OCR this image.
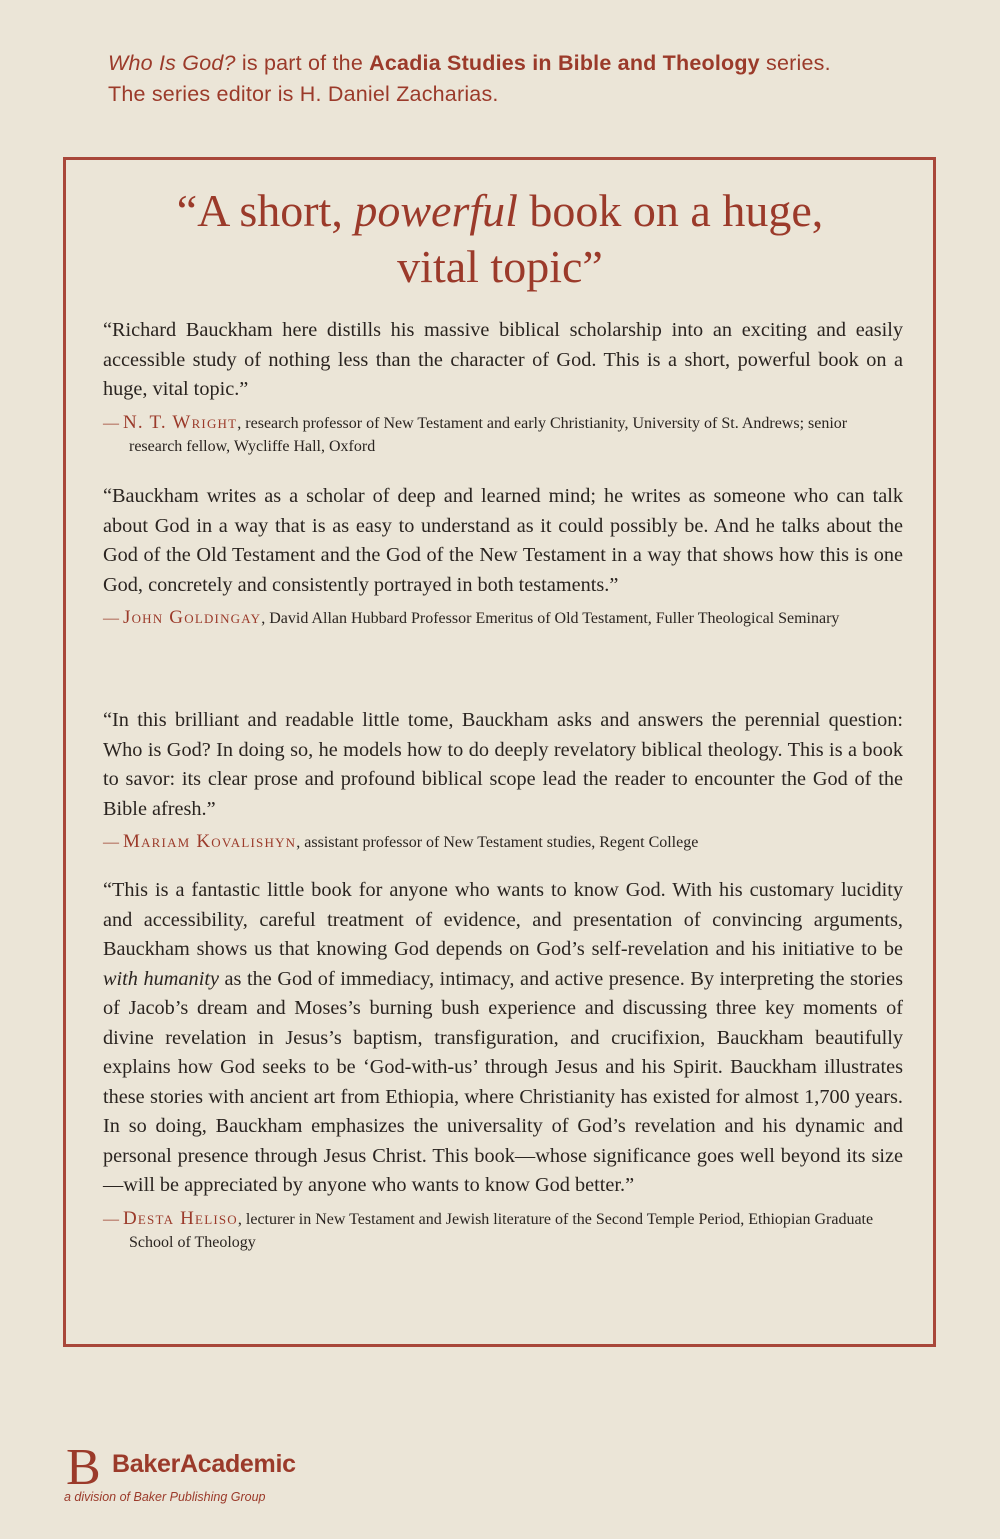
Who Is God? is part of the Acadia Studies in Bible and Theology series.
The series editor is H. Daniel Zacharias.
“A short, powerful book on a huge,
vital topic”

“Richard Bauckham here distills his massive biblical scholarship into an exciting and easily accessible study of nothing less than the character of God. This is a short, powerful book on a huge, vital topic.”

— N. T. Wright, research professor of New Testament and early Christianity, University of St. Andrews; senior research fellow, Wycliffe Hall, Oxford

“Bauckham writes as a scholar of deep and learned mind; he writes as someone who can talk about God in a way that is as easy to understand as it could possibly be. And he talks about the God of the Old Testament and the God of the New Testament in a way that shows how this is one God, concretely and consistently portrayed in both testaments.”

— John Goldingay, David Allan Hubbard Professor Emeritus of Old Testament, Fuller Theological Seminary

“In this brilliant and readable little tome, Bauckham asks and answers the perennial question: Who is God? In doing so, he models how to do deeply revelatory biblical theology. This is a book to savor: its clear prose and profound biblical scope lead the reader to encounter the God of the Bible afresh.”

— Mariam Kovalishyn, assistant professor of New Testament studies, Regent College

“This is a fantastic little book for anyone who wants to know God. With his customary lucidity and accessibility, careful treatment of evidence, and presentation of convincing arguments, Bauckham shows us that knowing God depends on God’s self-revelation and his initiative to be with humanity as the God of immediacy, intimacy, and active presence. By interpreting the stories of Jacob’s dream and Moses’s burning bush experience and discussing three key moments of divine revelation in Jesus’s baptism, transfiguration, and crucifixion, Bauckham beautifully explains how God seeks to be ‘God-with-us’ through Jesus and his Spirit. Bauckham illustrates these stories with ancient art from Ethiopia, where Christianity has existed for almost 1,700 years. In so doing, Bauckham emphasizes the universality of God’s revelation and his dynamic and personal presence through Jesus Christ. This book—whose significance goes well beyond its size—will be appreciated by anyone who wants to know God better.”

— Desta Heliso, lecturer in New Testament and Jewish literature of the Second Temple Period, Ethiopian Graduate School of Theology
B BakerAcademic
a division of Baker Publishing Group
